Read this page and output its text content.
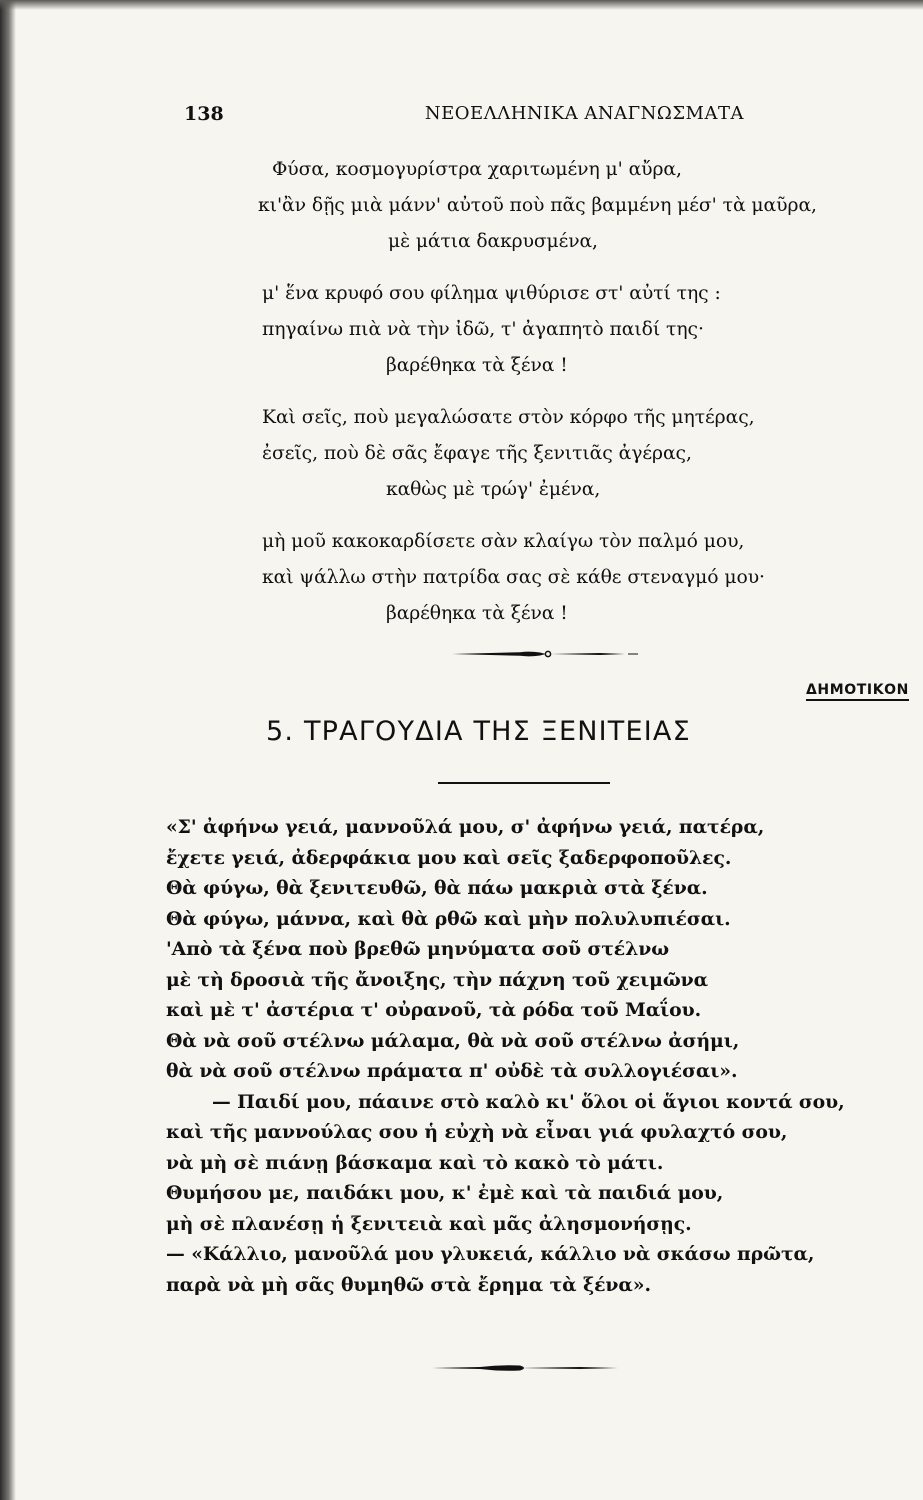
138	ΝΕΟΕΛΛΗΝΙΚΑ ΑΝΑΓΝΩΣΜΑΤΑ
Φύσα, κοσμογυρίστρα χαριτωμένη μ' αὔρα,
κι'ἂν δῇς μιὰ μάνν' αὐτοῦ ποὺ πᾶς βαμμένη μέσ' τὰ μαῦρα,
μὲ μάτια δακρυσμένα,
μ' ἕνα κρυφό σου φίλημα ψιθύρισε στ' αὐτί της :
πηγαίνω πιὰ νὰ τὴν ἰδῶ, τ' ἀγαπητὸ παιδί της·
βαρέθηκα τὰ ξένα !
Καὶ σεῖς, ποὺ μεγαλώσατε στὸν κόρφο τῆς μητέρας,
ἐσεῖς, ποὺ δὲ σᾶς ἔφαγε τῆς ξενιτιᾶς ἀγέρας,
καθὼς μὲ τρώγ' ἐμένα,
μὴ μοῦ κακοκαρδίσετε σὰν κλαίγω τὸν παλμό μου,
καὶ ψάλλω στὴν πατρίδα σας σὲ κάθε στεναγμό μου·
βαρέθηκα τὰ ξένα !
ΔΗΜΟΤΙΚΟΝ
5. ΤΡΑΓΟΥΔΙΑ ΤΗΣ ΞΕΝΙΤΕΙΑΣ
«Σ' ἀφήνω γειά, μαννοῦλά μου, σ' ἀφήνω γειά, πατέρα,
ἔχετε γειά, ἀδερφάκια μου καὶ σεῖς ξαδερφοποῦλες.
Θὰ φύγω, θὰ ξενιτευθῶ, θὰ πάω μακριὰ στὰ ξένα.
Θὰ φύγω, μάννα, καὶ θὰ ρθῶ καὶ μὴν πολυλυπιέσαι.
'Απὸ τὰ ξένα ποὺ βρεθῶ μηνύματα σοῦ στέλνω
μὲ τὴ δροσιὰ τῆς ἄνοιξης, τὴν πάχνη τοῦ χειμῶνα
καὶ μὲ τ' ἀστέρια τ' οὐρανοῦ, τὰ ρόδα τοῦ Μαΐου.
Θὰ νὰ σοῦ στέλνω μάλαμα, θὰ νὰ σοῦ στέλνω ἀσήμι,
θὰ νὰ σοῦ στέλνω πράματα π' οὐδὲ τὰ συλλογιέσαι».
— Παιδί μου, πάαινε στὸ καλὸ κι' ὅλοι οἱ ἅγιοι κοντά σου,
καὶ τῆς μαννούλας σου ἡ εὐχὴ νὰ εἶναι γιά φυλαχτό σου,
νὰ μὴ σὲ πιάνῃ βάσκαμα καὶ τὸ κακὸ τὸ μάτι.
Θυμήσου με, παιδάκι μου, κ' ἐμὲ καὶ τὰ παιδιά μου,
μὴ σὲ πλανέσῃ ἡ ξενιτειὰ καὶ μᾶς ἀλησμονήσῃς.
— «Κάλλιο, μανοῦλά μου γλυκειά, κάλλιο νὰ σκάσω πρῶτα,
παρὰ νὰ μὴ σᾶς θυμηθῶ στὰ ἔρημα τὰ ξένα».
